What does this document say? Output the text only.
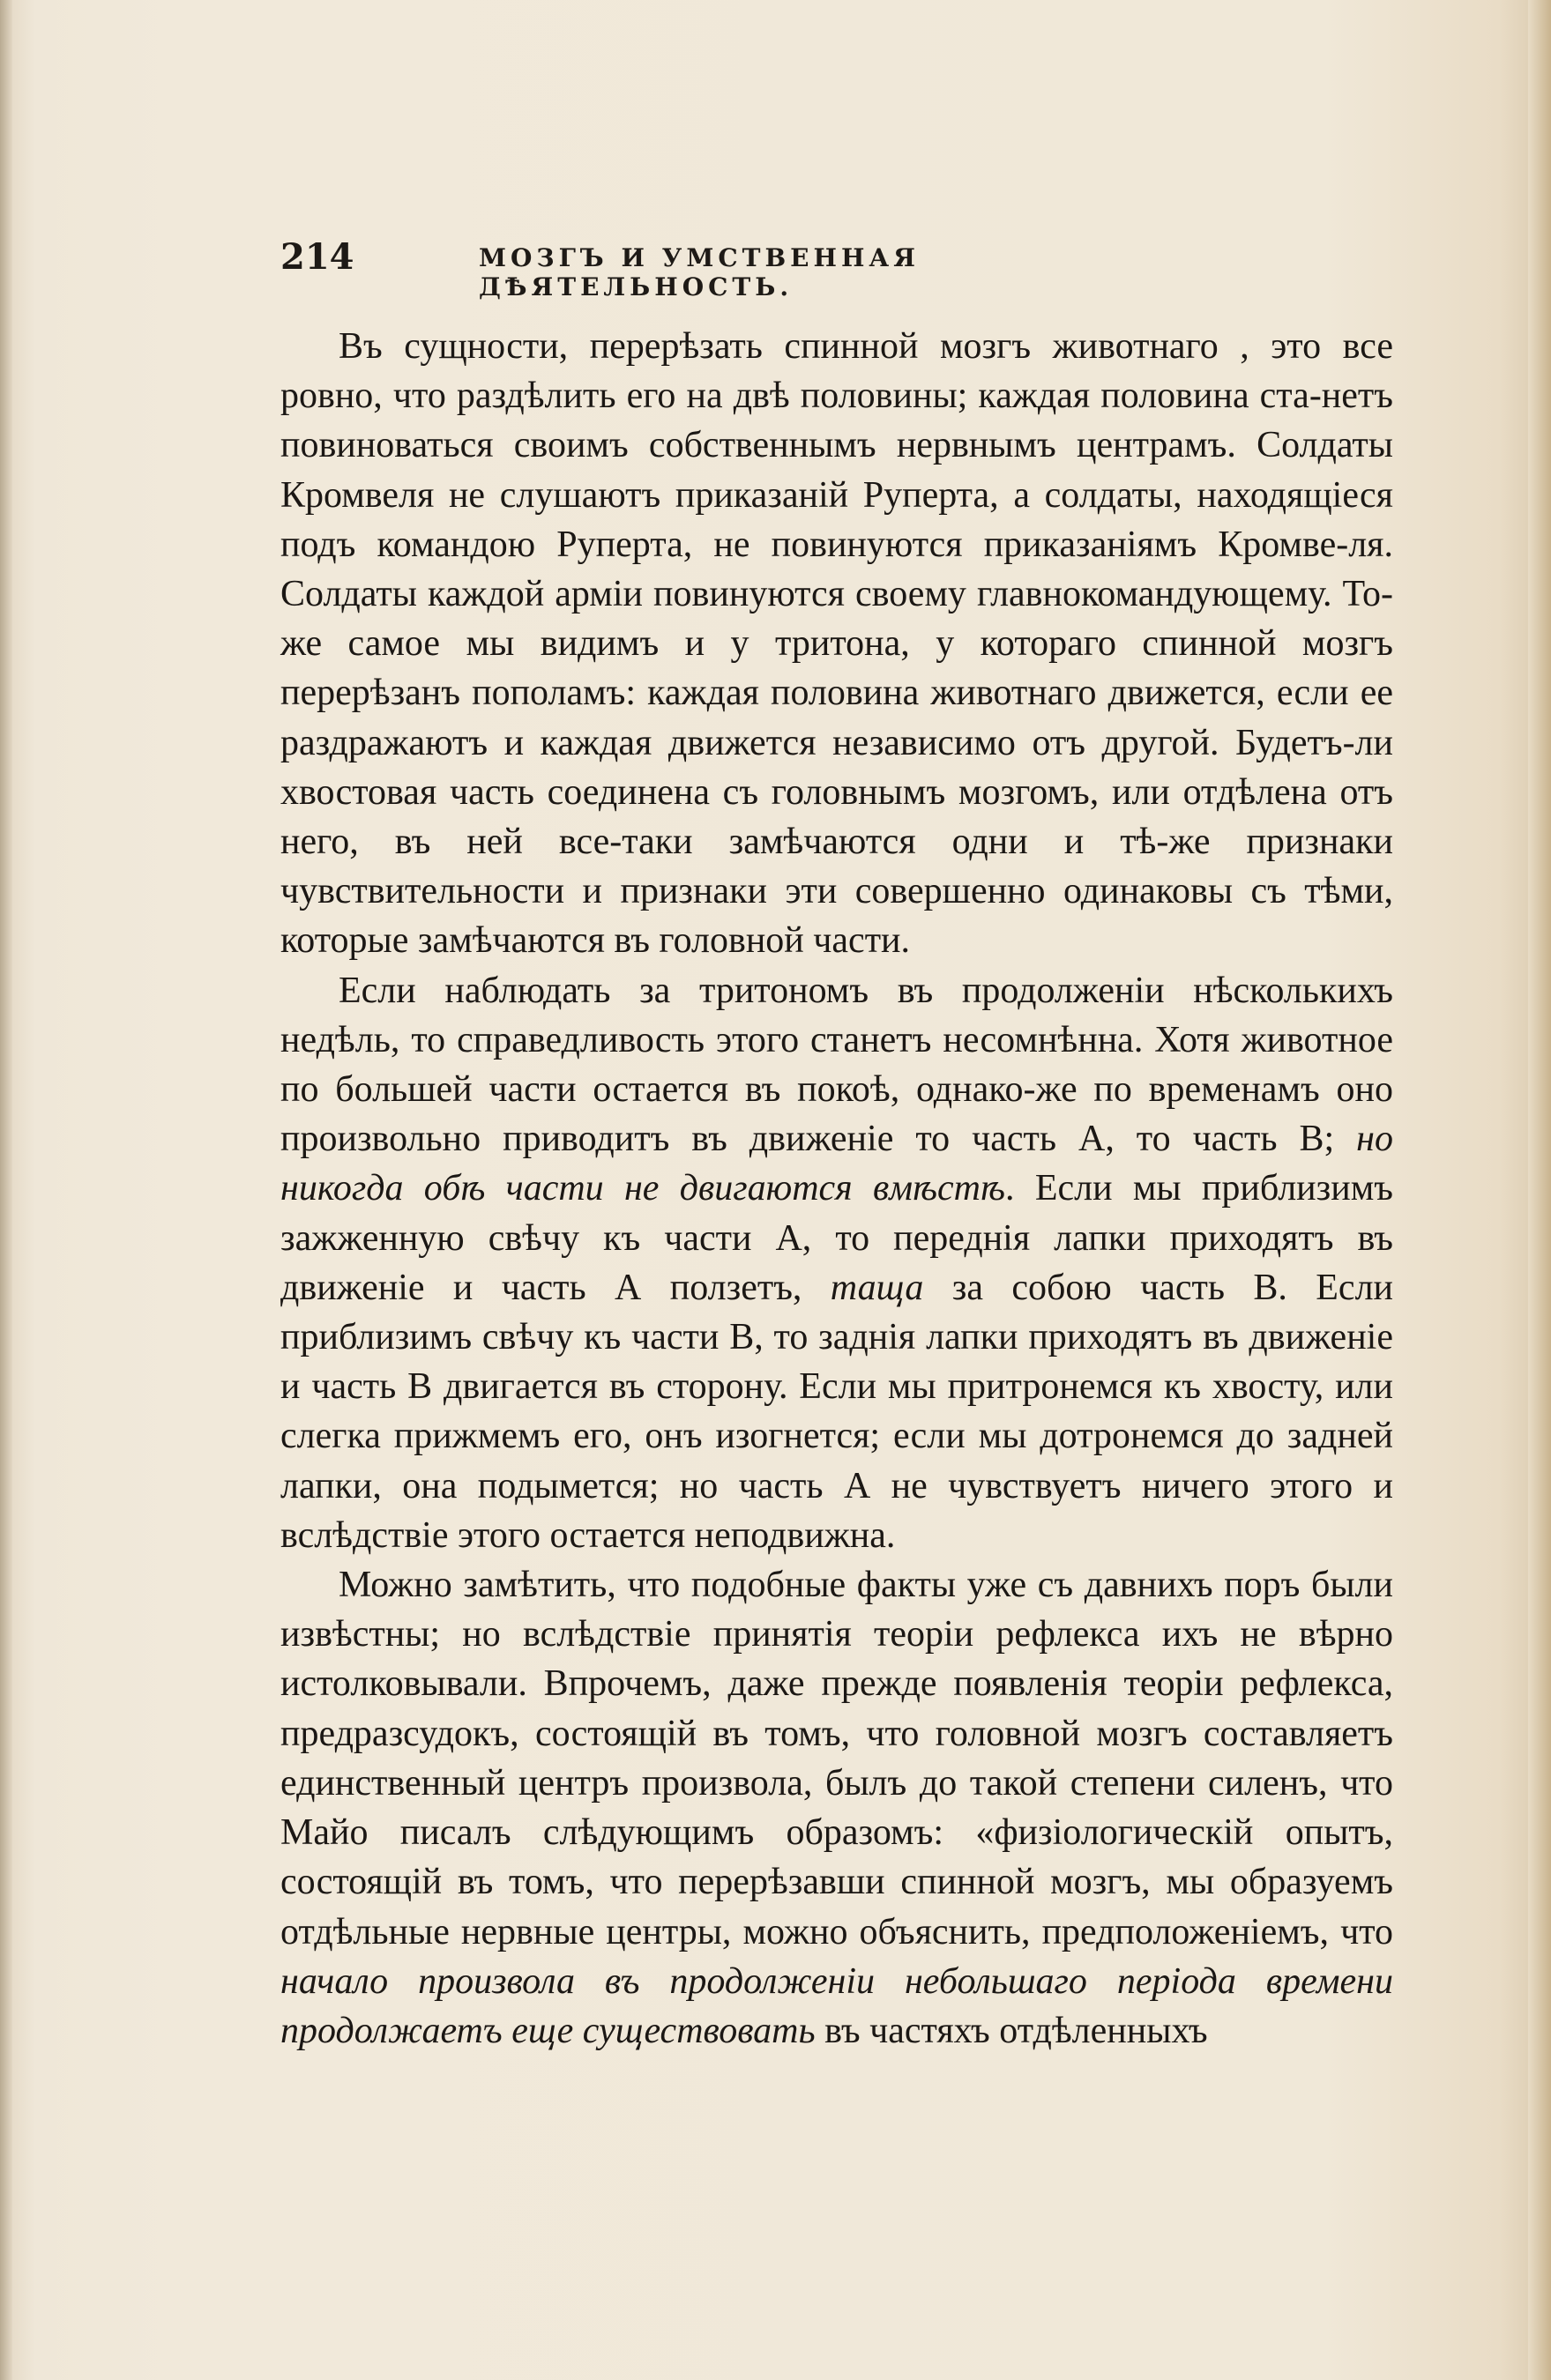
214	МОЗГЪ И УМСТВЕННАЯ ДѢЯТЕЛЬНОСТЬ.

Въ сущности, перерѣзать спинной мозгъ животнаго , это все ровно, что раздѣлить его на двѣ половины; каждая половина ста-нетъ повиноваться своимъ собственнымъ нервнымъ центрамъ. Солдаты Кромвеля не слушаютъ приказаній Руперта, а солдаты, находящіеся подъ командою Руперта, не повинуются приказаніямъ Кромве-ля. Солдаты каждой арміи повинуются своему главнокомандующему. То-же самое мы видимъ и у тритона, у котораго спинной мозгъ перерѣзанъ пополамъ: каждая половина животнаго движется, если ее раздражаютъ и каждая движется независимо отъ другой. Будетъ-ли хвостовая часть соединена съ головнымъ мозгомъ, или отдѣлена отъ него, въ ней все-таки замѣчаются одни и тѣ-же признаки чувствительности и признаки эти совершенно одинаковы съ тѣми, которые замѣчаются въ головной части.

Если наблюдать за тритономъ въ продолженіи нѣсколькихъ недѣль, то справедливость этого станетъ несомнѣнна. Хотя животное по большей части остается въ покоѣ, однако-же по временамъ оно произвольно приводитъ въ движеніе то часть А, то часть В; но никогда обѣ части не двигаются вмѣстѣ. Если мы приблизимъ зажженную свѣчу къ части А, то переднія лапки приходятъ въ движеніе и часть А ползетъ, таща за собою часть В. Если приблизимъ свѣчу къ части В, то заднія лапки приходятъ въ движеніе и часть В двигается въ сторону. Если мы притронемся къ хвосту, или слегка прижмемъ его, онъ изогнется; если мы дотронемся до задней лапки, она подымется; но часть А не чувствуетъ ничего этого и вслѣдствіе этого остается неподвижна.

Можно замѣтить, что подобные факты уже съ давнихъ поръ были извѣстны; но вслѣдствіе принятія теоріи рефлекса ихъ не вѣрно истолковывали. Впрочемъ, даже прежде появленія теоріи рефлекса, предразсудокъ, состоящій въ томъ, что головной мозгъ составляетъ единственный центръ произвола, былъ до такой степени силенъ, что Майо писалъ слѣдующимъ образомъ: «физіологическій опытъ, состоящій въ томъ, что перерѣзавши спинной мозгъ, мы образуемъ отдѣльные нервные центры, можно объяснить, предположеніемъ, что начало произвола въ продолженіи небольшаго періода времени продолжаетъ еще существовать въ частяхъ отдѣленныхъ
